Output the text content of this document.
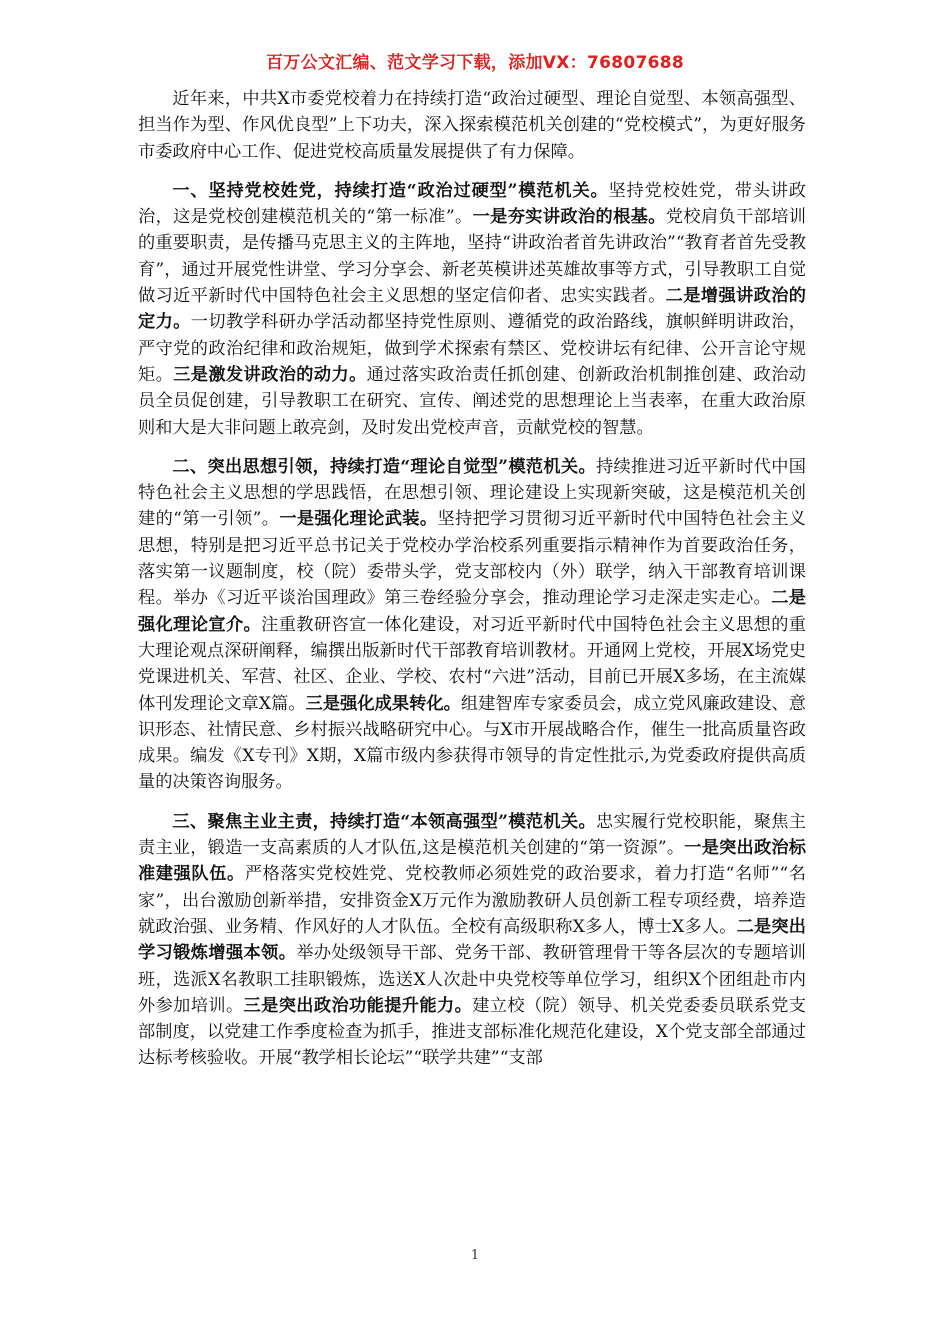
百万公文汇编、范文学习下载，添加VX：76807688

近年来，中共X市委党校着力在持续打造“政治过硬型、理论自觉型、本领高强型、担当作为型、作风优良型”上下功夫，深入探索模范机关创建的“党校模式”，为更好服务市委政府中心工作、促进党校高质量发展提供了有力保障。

一、坚持党校姓党，持续打造“政治过硬型”模范机关。坚持党校姓党，带头讲政治，这是党校创建模范机关的“第一标准”。一是夯实讲政治的根基。党校肩负干部培训的重要职责，是传播马克思主义的主阵地，坚持“讲政治者首先讲政治”“教育者首先受教育”，通过开展党性讲堂、学习分享会、新老英模讲述英雄故事等方式，引导教职工自觉做习近平新时代中国特色社会主义思想的坚定信仰者、忠实实践者。二是增强讲政治的定力。一切教学科研办学活动都坚持党性原则、遵循党的政治路线，旗帜鲜明讲政治，严守党的政治纪律和政治规矩，做到学术探索有禁区、党校讲坛有纪律、公开言论守规矩。三是激发讲政治的动力。通过落实政治责任抓创建、创新政治机制推创建、政治动员全员促创建，引导教职工在研究、宣传、阐述党的思想理论上当表率，在重大政治原则和大是大非问题上敢亮剑，及时发出党校声音，贡献党校的智慧。

二、突出思想引领，持续打造“理论自觉型”模范机关。持续推进习近平新时代中国特色社会主义思想的学思践悟，在思想引领、理论建设上实现新突破，这是模范机关创建的“第一引领”。一是强化理论武装。坚持把学习贯彻习近平新时代中国特色社会主义思想，特别是把习近平总书记关于党校办学治校系列重要指示精神作为首要政治任务，落实第一议题制度，校（院）委带头学，党支部校内（外）联学，纳入干部教育培训课程。举办《习近平谈治国理政》第三卷经验分享会，推动理论学习走深走实走心。二是强化理论宣介。注重教研咨宣一体化建设，对习近平新时代中国特色社会主义思想的重大理论观点深研阐释，编撰出版新时代干部教育培训教材。开通网上党校，开展X场党史党课进机关、军营、社区、企业、学校、农村“六进”活动，目前已开展X多场，在主流媒体刊发理论文章X篇。三是强化成果转化。组建智库专家委员会，成立党风廉政建设、意识形态、社情民意、乡村振兴战略研究中心。与X市开展战略合作，催生一批高质量咨政成果。编发《X专刊》X期，X篇市级内参获得市领导的肯定性批示,为党委政府提供高质量的决策咨询服务。

三、聚焦主业主责，持续打造“本领高强型”模范机关。忠实履行党校职能，聚焦主责主业，锻造一支高素质的人才队伍,这是模范机关创建的“第一资源”。一是突出政治标准建强队伍。严格落实党校姓党、党校教师必须姓党的政治要求，着力打造“名师”“名家”，出台激励创新举措，安排资金X万元作为激励教研人员创新工程专项经费，培养造就政治强、业务精、作风好的人才队伍。全校有高级职称X多人，博士X多人。二是突出学习锻炼增强本领。举办处级领导干部、党务干部、教研管理骨干等各层次的专题培训班，选派X名教职工挂职锻炼，选送X人次赴中央党校等单位学习，组织X个团组赴市内外参加培训。三是突出政治功能提升能力。建立校（院）领导、机关党委委员联系党支部制度，以党建工作季度检查为抓手，推进支部标准化规范化建设，X个党支部全部通过达标考核验收。开展“教学相长论坛”“联学共建”“支部

1
